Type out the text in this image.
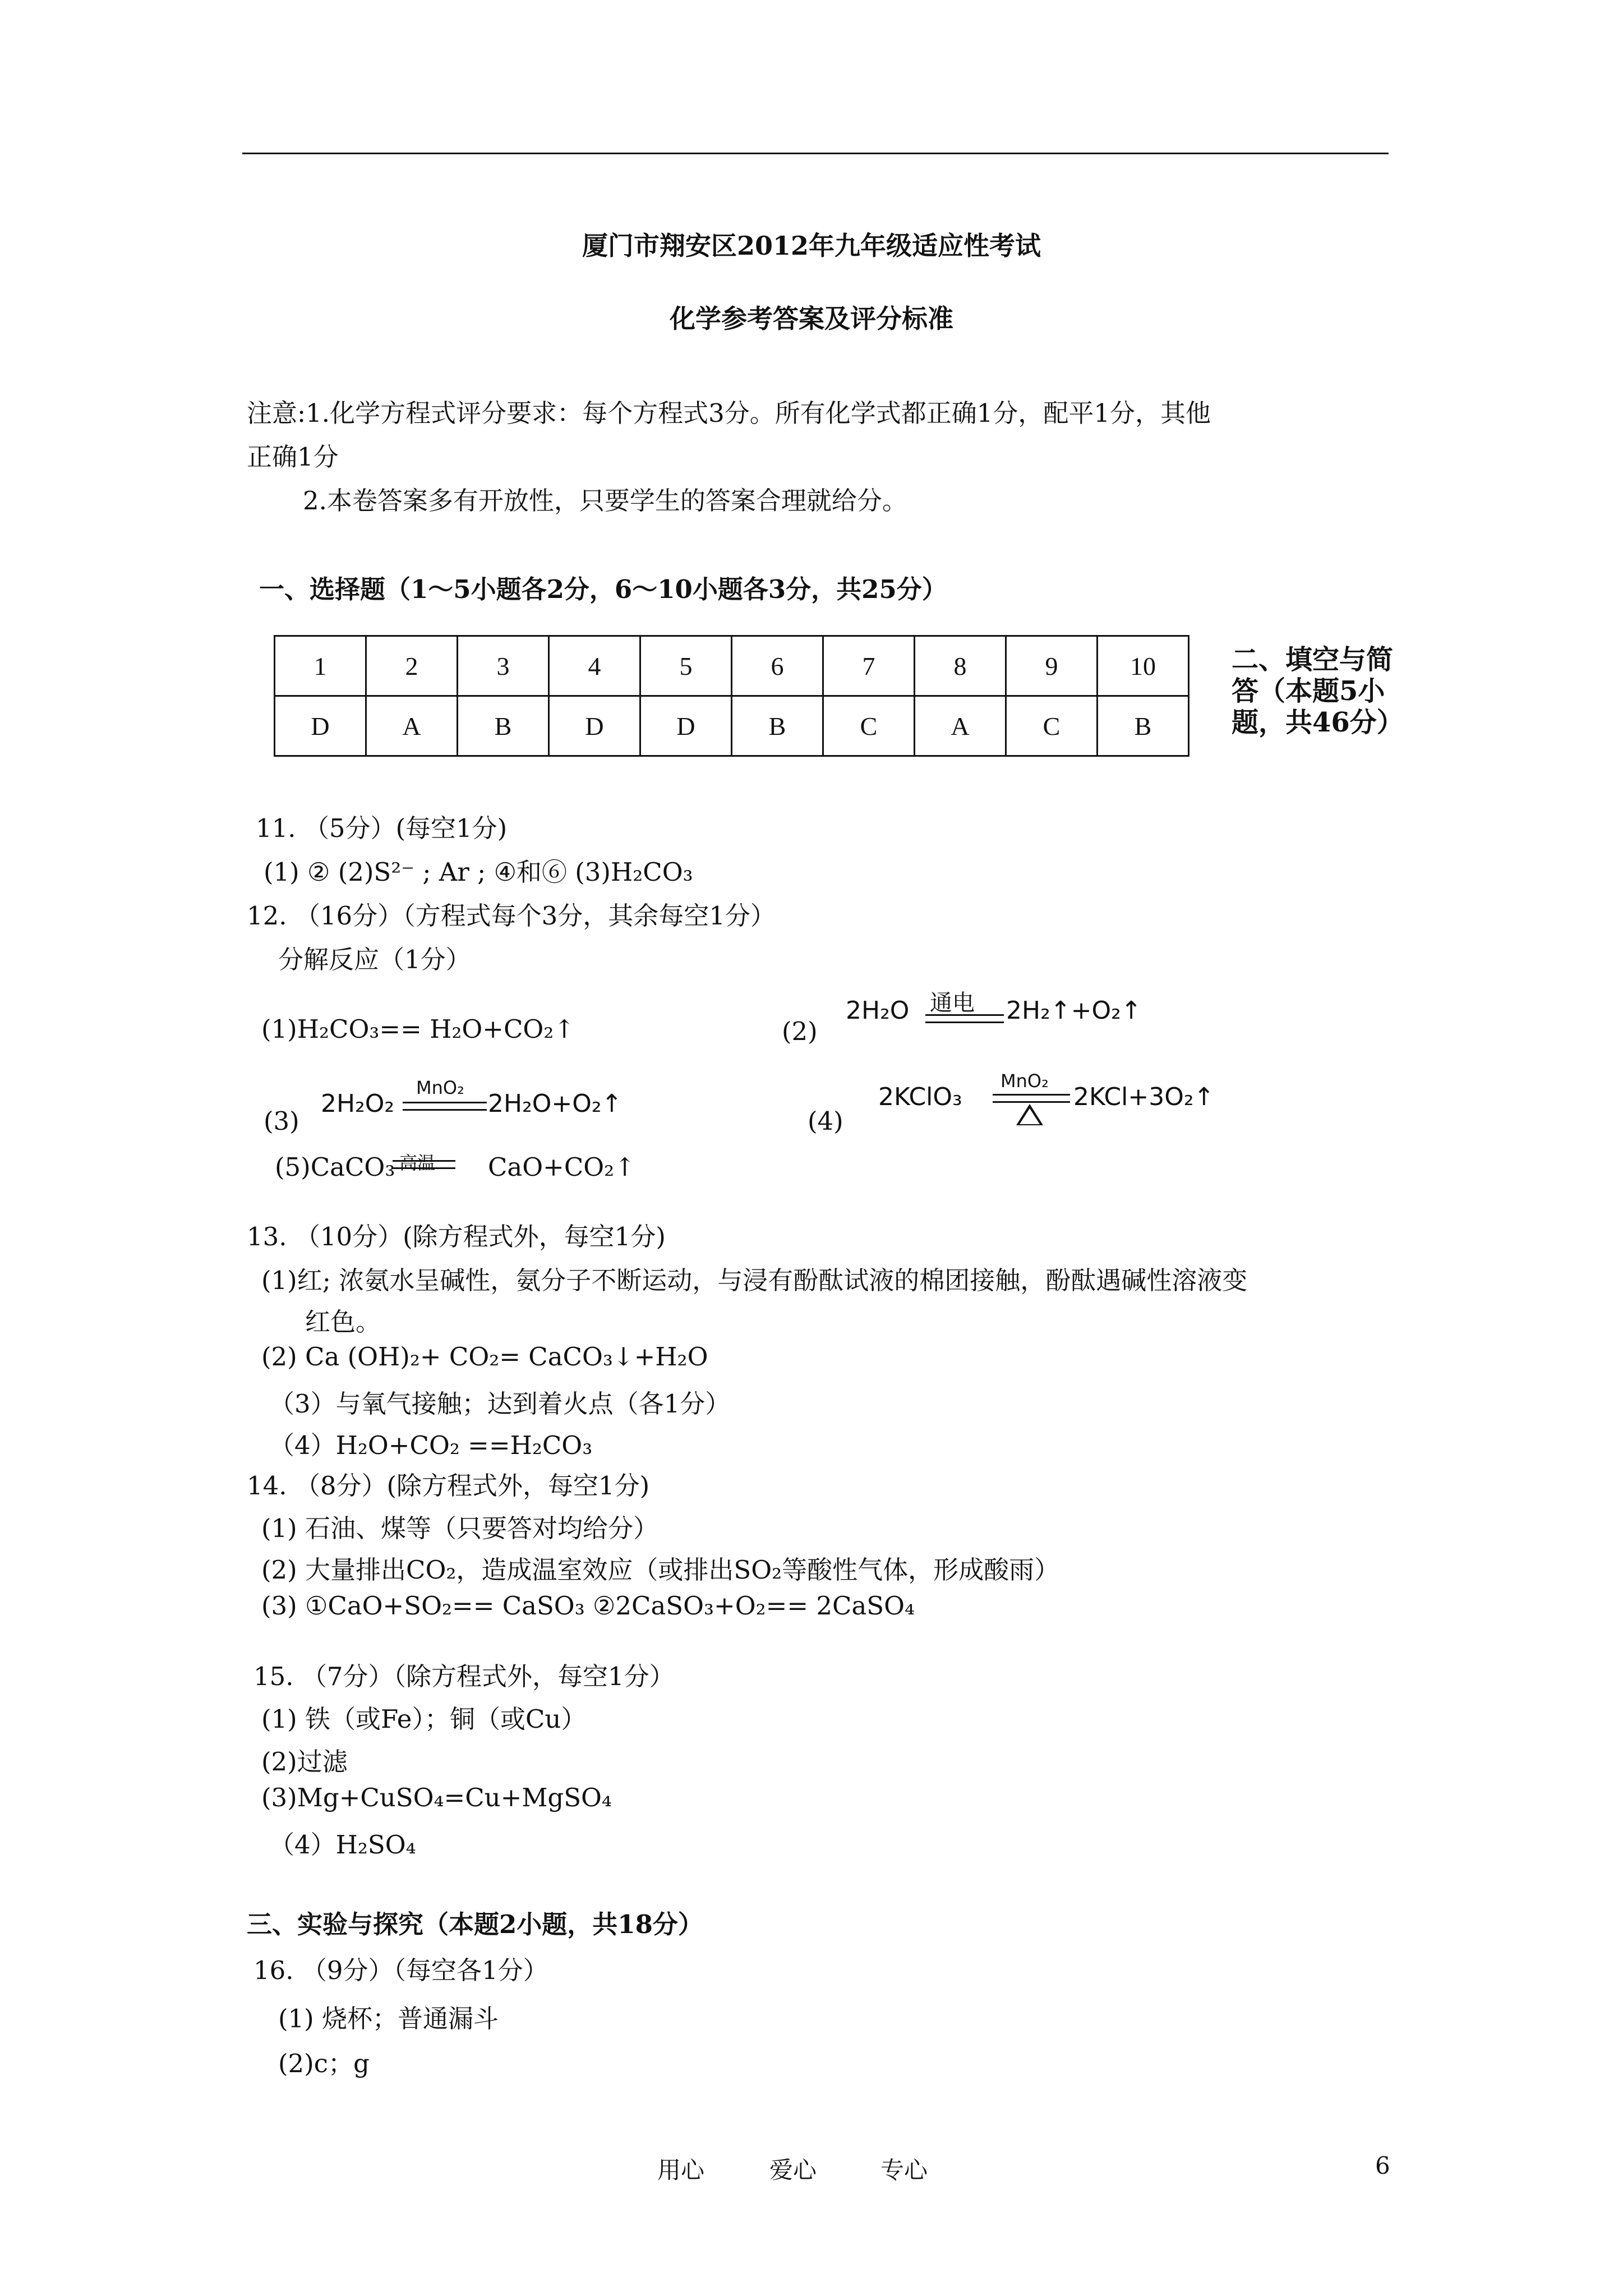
厦门市翔安区2012年九年级适应性考试
化学参考答案及评分标准
注意:1.化学方程式评分要求：每个方程式3分。所有化学式都正确1分，配平1分，其他
正确1分
2.本卷答案多有开放性，只要学生的答案合理就给分。
一、选择题（1～5小题各2分，6～10小题各3分，共25分）
1	2	3	4	5	6	7	8	9	10
D	A	B	D	D	B	C	A	C	B
二、填空与简答（本题5小题，共46分）
11. （5分）(每空1分)
(1) ② (2)S²⁻ ; Ar ; ④和⑥ (3)H₂CO₃
12. （16分）（方程式每个3分，其余每空1分）
分解反应（1分）
(1)H₂CO₃== H₂O+CO₂↑	(2)
2H₂O 通电 2H₂↑+O₂↑
(3)
2H₂O₂
MnO₂
2H₂O+O₂↑
(4)
2KClO₃
MnO₂
2KCl+3O₂↑
(5)CaCO₃ 高温 CaO+CO₂↑
13. （10分）(除方程式外，每空1分)
(1)红; 浓氨水呈碱性，氨分子不断运动，与浸有酚酞试液的棉团接触，酚酞遇碱性溶液变
红色。
(2) Ca (OH)₂+ CO₂= CaCO₃↓+H₂O
（3）与氧气接触；达到着火点（各1分）
（4）H₂O+CO₂ ==H₂CO₃
14. （8分）(除方程式外，每空1分)
(1) 石油、煤等（只要答对均给分）
(2) 大量排出CO₂，造成温室效应（或排出SO₂等酸性气体，形成酸雨）
(3) ①CaO+SO₂== CaSO₃ ②2CaSO₃+O₂== 2CaSO₄
15. （7分）（除方程式外，每空1分）
(1) 铁（或Fe）；铜（或Cu）
(2)过滤
(3)Mg+CuSO₄=Cu+MgSO₄
（4）H₂SO₄
三、实验与探究（本题2小题，共18分）
16. （9分）（每空各1分）
(1) 烧杯；普通漏斗
(2)c；g
用心	爱心	专心	6
